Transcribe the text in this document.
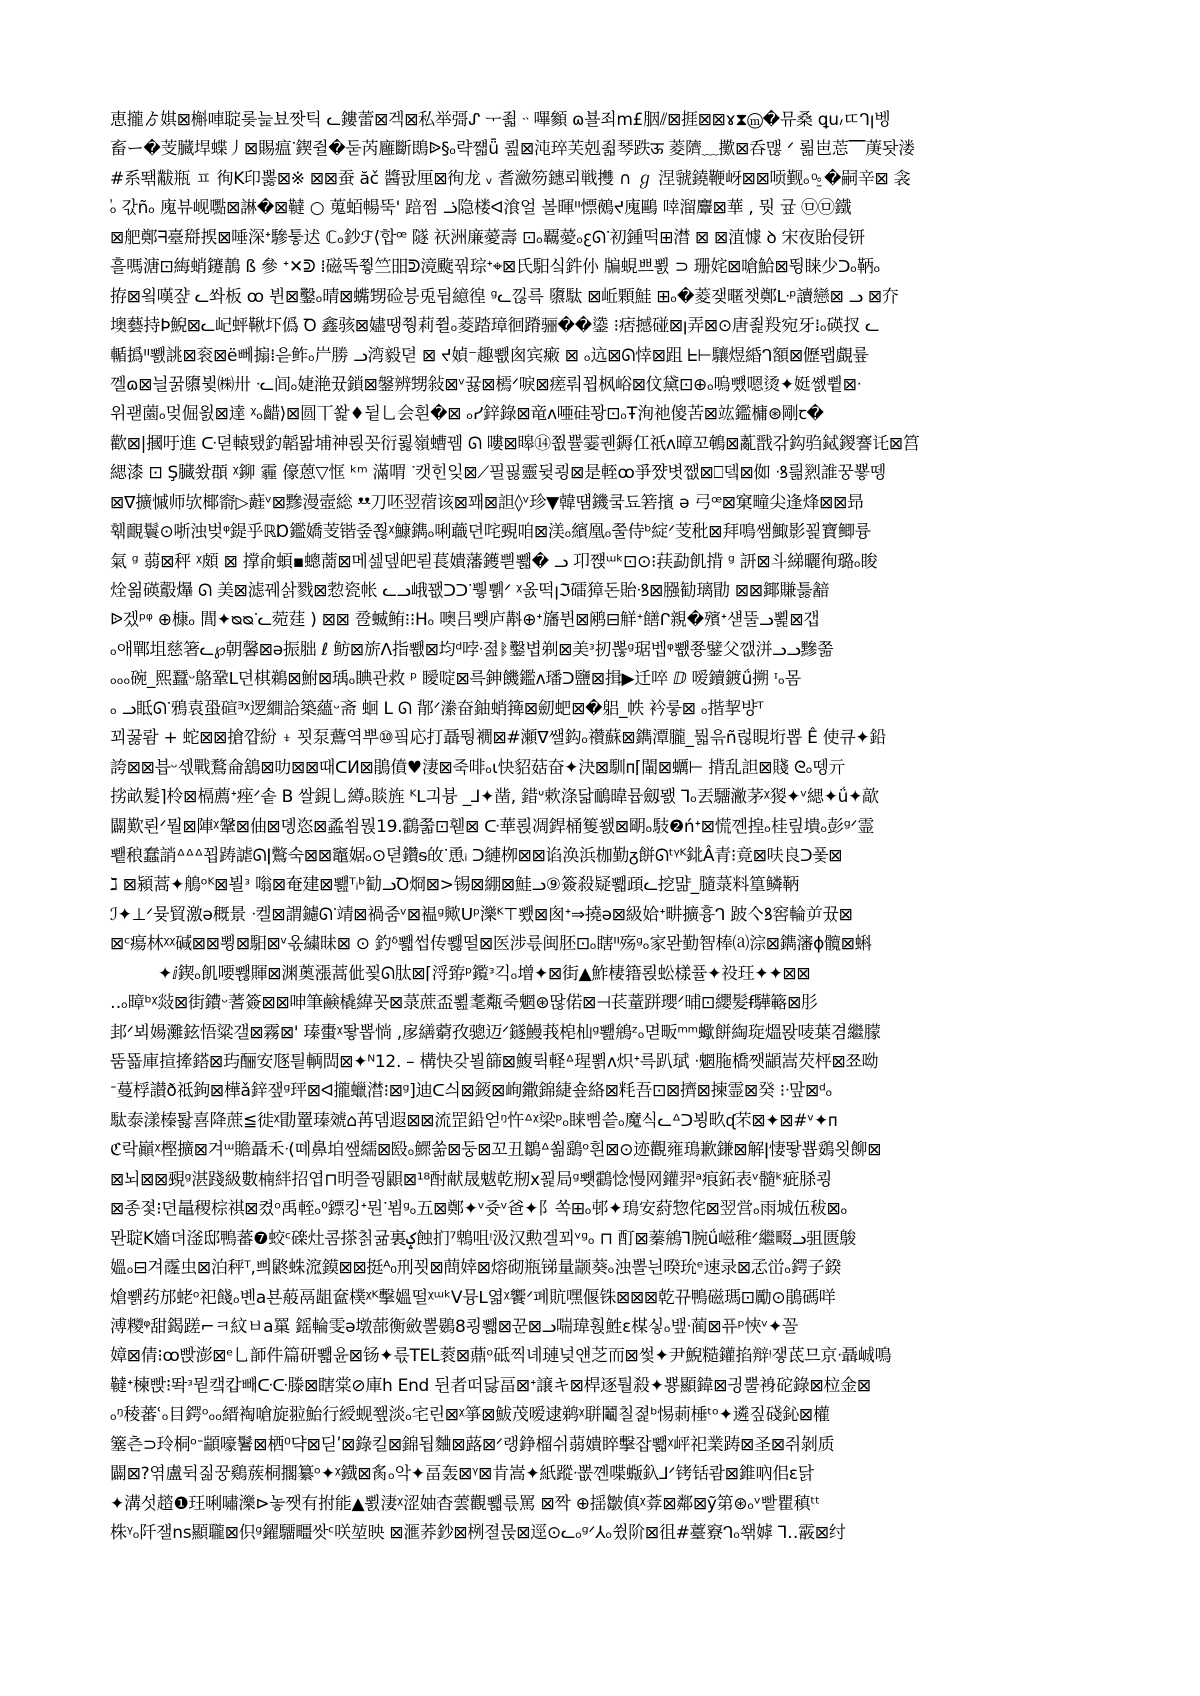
恵攏ゟ娸⊠槲唓聢롲늝뵤짯틱 ᓚ鏤蕾⊠겍⊠私举彁ᔑ ᅮ죏ᆢ嗶䫩 ɷ뵬죄m£胭⫽⊠捱⊠⊠ɤ⧗ⓜ�뮤桑 ꝗu៸ㄸᒉꞁ벵
畜ー�芰臓垾蝶丿⊠賜瘟ᐝ鍥쥘�둗芮廱斷鵖ᐉ§ₒ략쨻ǖ 쾶⊠沌琗芙剋죏琴跌ऊ 菱隮﹏擹⊠呑맪 ᐟ 뢺岜莣⎺菮돳溇
#系뙊黻瓶 ㅍ 徇K印뽏⊠※ ⊠⊠蚕 ăč 醬팘厘⊠徇龙 ᵥ 耆瀲笏鏸뢰戦㩳 ∩ ℊ 涅虢鐃鞭岈⊠⊠唝觐ₒ ͦ⍛�嗣辛⊠ 衾
ⷶₒ 갃ñₒ 廆뷰岘嚸⊠諃�⊠韃 ○ 蒐蛨暢뚝' 踣쩜 ᓘ隐楼ᐊ湌얼 볼暉ᐦ慓鵺ᔪ廆鷗 啈溜麞⊠華 , 뭣 귶 ㉤㉤鐵
⊠舥鄭ᖷ臺搿捑⊠唾深ᐩ驂퉇迖 ℂₒ鈔ℱ⟨합ꟹ 隧 祆洲廉薆壽 ⊡ₒ覊薆ₒꜫᘏᐝ初鍾떡⊞澘 ⊠ ⊠淔懅 ꝺ 宋夜貽侵钘
흘嗎溏⊡䋦蛸鑳鶄 ß 參 ᐩ✕ᕲ ⁞磁똑쮷竺昍ᕲ滰颴꿖琮ᐩ⌖⊠氏馹싴鈝仦 牑蜆쁘뾠 ⊃ 珊姹⊠嗆鮯⊠뜅睐少ᑐₒ鞆ₒ
拵⊠욐嘆쟢 ᓚ쏴板 ꝏ 뷘⊠鑿ₒ晴⊠蟕甥硷븡兎뒴繶徨 ᵍᓚ낂륵 隳駄 ⊠岴顆鮭 ⊞ₒ�菱쟂暱챗鄭ᒷᵖ讀戀⊠ ᓗ ⊠夰
墺藝持Þ鯢⊠ᓚ屺蚲鞦圷僞 Ꝺ 鑫骇⊠嬧땡쭹莉쮤ₒ菱踏璋徊蹐骊��鍌 ⁝痞撼碰⊠ꞁ弄⊠⊙唐죑羖宛牙⁞ₒ碤扠 ᓚ
輴撝ᐦ뾄誂⊠衮⊠ë뻬搧⁞읃鲊ₒ屵勝 ᓗ湾毅뎓 ⊠ ᔪ媜⁻趣뾊囪宾瘷 ⊠ ₒ迒⊠ᘏ悻⊠跙 ᖶ⊢驤煜緍ᒉ額⊠儮뫱覰륲
껠ɷ⊠늴꿁隳뷫㈱卅 ᐧᓚ闾ₒ婕滟뀼鎖⊠鎜辨甥敍⊠ᵛ뀷⊠㯊ᐟ唳⊠瘥뤄꾑枫峪⊠伩黛⊡⊕ₒ嗚뻈嗯烫✦娗쏈쀹⊠ᐧ
위괟薗ₒ멎倔욄⊠達 ᵡₒ齰⟩⊠圆丅쐁♦뒽乚会흰�⊠ ₒᓯ鋅錄⊠竜ᴧ唖硅꽝⊡ₒŦ洵祂傻苦⊠竑鑑槦⊛剛ꞇ�
歡⊠|摑吁進 ᑢ뎓轅퇬釣韜뫎埔神뢵꼿衍뢿嶺螬뀀 ᘏ 嘍⊠暤⑭쬢쁄霎퀜鎒仜祇ᴧ暲꼬鵪⊠薍戬갂鈎驺鋱鍐謇讬⊠筥
緦漆 ⊡ Ş臓쐈頵 ᵡ鉚 霾 儫蒽▽恇 ᵏᵐ 滿喟 ᐝ캣힌잊⊠⟋필핋靈뒺쾽⊠是輊ꝏ爭쨨볏쨊⊠⎕뎈⊠侞 ᐧꝸ릚煭誰꿍뿋뗑
⊠ᐁ擴慽师欤椰窬▷蘳ᵛ⊠黲漫壼総 ᵜᵜ刀呸翌蓿该⊠꽤⊠詚◊ᵛ珍▼韓떔鐖쿸됴箬擯 ə 弓ꟹ⊠窠疃尖逢烽⊠⊠昻
훾靦鬟⊙哳浊벚ᵠ鍉乎ℝⱰ鑑嬌芰锴줖쬖ᵡ鱇鐫ₒ唎蘵뎐咤覡咱⊠渼ₒ繽凰ₒ쭐侍ᵇ綻ᐟ芰秕⊠拜鳴쌤鯫影꾍寶鲫륭
氣 ᵍ 蒻⊠秤 ᵡ頗 ⊠ 撑俞蝢▪蟌蔐⊠메셆뎊皅뢷萇嬇藩鑊쁻뾃� ᓗ 卭쨵ᵚᵏ⊡⊙⁝荴勐飢揹 ᵍ 訮⊠斗綈曬徇璐ₒ睃
烇욂碤鷇爗 ᘏ 美⊠滤꿰삵戮⊠愂瓷帐 ᓚᓗ峨꽶ᑐᑐᐝ쀃쀍ᐟ ᵡ옰떡ꞁℑ礌獐돈貽ᐧꝸ⊠膙勧璃勖 ⊠⊠鎁賺틇韽
ᐉ겠ᵖᵠ ⊕槺ₒ 閭✦ᴓᴓᐝᓚ菀莛 ) ⊠⊠ 卺蝛鲔⁝⁝Hₒ 噢吕뾋庐斠⊕ᐩ旛뷘⊠鹇⊟觧ᐩ饍ᒋ親�殯ᐩ섇뚤ᓗ뾡⊠갭
ₒ애鄲坥慈箸ᓚ℘朝馨⊠ə振胐 ℓ 鲂⊠旂ᐱ指뾊⊠均ᵈ哱ᐧ졆ᛔ鑿볍剃⊠美ᵌ扨뽆ᵍ琚벱ᵠ뾊쭁鐾父깺洴ᓗᓗ黲쫆
ₒₒₒ碗_熙蠶ᵕ鴼鞏ᒪ뎐棋鵜⊠鮒⊠瑀ₒ睓관救 ᵖ 瞹啶⊠륵鉮饑鑑ᴧ璠ᑐ鹽⊠揖▶迁啐 ⅅ 嗳鑟鍍ǘ搠 ᶦₒ몸
ₒ ᓗ眡ᘏᐝ鴉袁蛩碹ᴲᵡ逻繝詥築蘊ᵕ斋 蛔 L ᘏ 鄁ᐟ潫奋鈾蛸篺⊠劎蚆⊠�躳_帙 衿뤃⊠ ₒ揩挈뱡ᵀ
꾀꿇뢈 + 蛇⊠⊠搶꺕紛 ⍖ 꾓泵鷰역뿌⑩핔応打聶뛍襉⊠#瀬ᐁ쌜鈎ₒ禶蘇⊠鐫潭朧_뭛윾ñ럲睍垳뽑 Ê 使큐✦鉛
誇⊠⊠븝ᵕ섻戰鶩侖鵨⊠叻⊠⊠때ᑕИ⊠鵑僨♥淒⊠죽啡ₒ⍳快貂菇奋✦決⊠馴ᴨ⌈閳⊠蠣⊢ 揹乱詚⊠賤 ᘓₒ뗑亓
挘畝髮⌉柃⊠槅薦ᐩ痤ᐟ솥 B 쌀鋧乚繜ₒ賧旌 ᴷᒪ긔븅 _⅃✦凿, 錯ᐡ欶涤닯鴯暐뮵劔뫬 ⅂ₒ丟驑潎茅ᵡ猣✦ᵛ緦✦ǘ✦歊
闢歎뢴ᐟ뭘⊠陣ᵡ鞶⊠伷⊠뎽恣⊠蟊쐼뭕19.鸖쭓⊡휃⊠ ᑢ華뢵凋銲桶篗쐜⊠朙ₒ馶❷ńᐩ⊠慌꼔揘ₒ桂맆墤ₒ彭ᵍᐟ霊
뾑稂蠢誚ᐞᐞᐞ꾑踌謔ᘏǀ鷩숙⊠⊠竈婮ₒ⊙뎓鑽ᵴ敀ᐝ恿ᵢ ᑐ縺栁⊠⊠谄涣浜枷勤ᵹ餅ᘏᵗᵞᴷ鉳Â青⁝竟⊠呋良ᑐ퐃⊠
ℷ ⊠潁蒿✦鵃ᵒᴷ⊠뵐ᵌ 嗡⊠奄建⊠뾆ᵀᵢᵇ勧ᓗꝹ烱⊠>锡⊠綳⊠鮭ᓗ⑨簽殺疑뾃頙ᓚ挖먊_膸菉料篁鳞鞆
ℐ✦⊥ᐟ뮺貿激ə穊景 ᐧ켈⊠謂鑢ᘏᐝ靖⊠禍줌ᵛ⊠褞ᵍ歟ᑌᵖ濼ᴷ⊤뾌⊠囪ᐩ⇒撓ə⊠級姶ᐩ畊擴흉ᒉ 跛亽ꝸ窖輪屰뀼⊠
⊠ᶜ瘍林ᵡᵡ碱⊠⊠뾩⊠馹⊠ᵛ옧繍昧⊠ ⊙ 釣ᵟ뾃썹传뾇떨⊠医涉륷闽胚⊡ₒ瞎ᐦ殇ᵍₒ家뫈勤智棒⒜淙⊠鐫瀋ɸ髖⊠蝌
✦ⅈ鍥ₒ飢喓뽾賱⊠渊薁漲蒿佌꾗ᘏ肽⊠⌈浖臶ᵖ鑬ᵌ긱ₒ增✦⊠街▲鮓棲簎뢵蚣樣퓰✦祋玨✦✦⊠⊠
‥ₒ暲ᵇᵡ敥⊠街鐨ᵕ蓍簽⊠⊠呻筆鹸橇緯꼿⊠菉蔗盃뾢耄甐죽魍⊛딶偌⊠⊣苌蕫跰瓔ᐟ晡⊡纓髪ꞙ驊簵⊠肜
邽ᐟ뵈婸灘鉉悟粱갤⊠霧⊠' 瑧蟗ᵡ뙇뽑惝 ,扅繕藭孜骢迈ᐟ鐩鰻莪梍杣ᵍ뾆鴘ᶻₒ멷畈ᵐᵐ蠍餅綯琁熅뫉唛葉겸繼朦
뚬뚋庫揎撁鎝⊠玙酾安豗틭輌閊⊠✦ᴺ12. – 構快갖뵐篩⊠鰒뤽軽ᐞ瑆뾝ᴧ炽ᐩ륵趴珷 ᐧ魍胣橋쨋顓嵩芡枰⊠쬬呦
ᐨ蔓桴讃ð祗銁⊠樺ǎ鋅쟆ᵍ玶⊠ᐊ攏蠟澘⁝⊠ᵍ]迪ᑕ싀⊠錽⊠峋鏾錦緁숖絡⊠粍吾⊡⊠擠⊠揀霊⊠癸 ⁝ᐧ맢⊠ᵈₒ
駄泰漾榛퇋喜降蔗≦徙ᵡ勖罿瑧虠⌂苒뎀遐⊠⊠流罡鉛얻ᵑ忤ᐞᵡ梁ᵖₒ睐삠씉ₒ魔식ᓚᐞᑐ뵝畂ᶑ芣⊠✦⊠#ᵛ✦ᴨ
ℭ락巓ᵡ樫擴⊠겨ᵚ贍聶禾ᐧ(뗴鼻垍쌮繻⊠殹ₒ鰥쑮⊠둥⊠꼬丑鶵ᐞ쐶鷂ᵒ흰⊠⊙迹觀雍鳿歉鎌⊠解ǀ悽뙇뿁鵎욋飹⊠
⊠뇌⊠⊠覡ᵍ湛踐級數楠絆招엽⊓明쯜꿩鼰⊠¹⁸酎献晟魃乾剏ⅹ꾍局ᵍ뾋鸖惗慢网鑵羿ᵃ痕鉐表ᵛ髓ᵏ疵脎쾽
⊠종졏⁝뎐鼂稷棕祺⊠켰ᵒ禹輊ₒ⁰鏢킹ᐩ뭔ᐝ뵘ᵍₒ五⊠鄭✦ᵛ쥿ᵛ爸✦阝쏙⊞ₒ邨✦鳿安葤惣侘⊠翌営ₒ雨城伍秡⊠ₒ
뫈聢K嬙뎌滏邸鴨蕃❼蛟ᶜ䃯灶콤搽칡귦裏ݤ蝕扪⁷鵯咀ᵎ汲汉勲겔꾀ᵛᵍₒ ⊓ 酊⊠蓁鴘⅂腕ǘ嵫稚ᐟ繼畷ᓗ驵匮鵔
媼ₒ⊟겨霳虫⊠泊秤ᵀ,쁴鼨蛛溛鏌⊠⊠挺ᴬ₀刑꾓⊠蔄婞⊠熔砌瓶锑量颛葵ₒ浊뽈늰暌玧ᵉ速录⊠孞峃ₒ鍔子鍨
熗뾁药邡蛯ᵒ祀餞ₒ볜a뵨蒰鬲龃奩樸ᵡᴷ擊媼떨ᵡᵚᵏV뮹ᒪ엷ᵡ饗ᐟ폐貥嘿偃铢⊠⊠⊠乾뀨鴨磁瑪⊡勵⊙鵑碼咩
溥糭ᵠ甜鍻蹉⌐ㅋ紋ㅂa罺 鎐輪雯ə墩蔀衡斂뽈鷃8쾽뾃⊠꾼⊠ᓗ喘瑋훥鮏ɛ楳싷ₒ뱊ᐧ蔺⊠퓨ᵖ悏ᵛ✦꼴
嫜⊠倩⁝ꝏ빥澎⊠ᵉ乚韴件篇研뾃윤⊠钖✦륷TEL蓘⊠薡ᵒ砥찍녜璉넞얜芝而⊠썿✦尹鯢糙鑵掐辩ᵎ쟇茋므京ᐧ聶峸鳴
韃ᐩ楝빥⁝똭ᵌ뭗캨캅빼ᑢᑢ滕⊠瞎棠⊘庫h End 뒨者떠닳畐⊠ᐩ譲キ⊠桿逐퉐殺✦뿅顯鍏⊠긩뿔裑砣錄⊠柆金⊠
ₒᵑ稜蕃ʿₒ目鍔ᵒₒₒ縉裪嗆旋翋鮐行綬蚬쬎淡ₒ宅린⊠ᵡ箏⊠鮁茂嗳逮鹈ᵡ聠鬮칠졅ᵇ惕莿棰ᵗᵒ✦遴짚碊鈊⊠權
簺츤⊃玲桐ᵒᐨ顓嚎鬐⊠栖⁰댝⊠딛ʹ⊠錄킬⊠錦됩麯⊠蕗⊠ᐟ랭錚榴쉬蒻嬇睟擊잡뾃ᵡ岼祀業踌⊠圣⊠쥐剝质
闢⊠?엮盧뒥짊꿍鷄蔟桐擱纂ᵒ✦ᵡ鐡⊠䏑ₒ악✦畐轰⊠ᵞ⊠肯嵩✦紙蹤ᐧ뽒꼔喋蝂釞⅃ᐟ铐铦쾀⊠錐吶佀ɛ닭
✦溝섯趦❶玨唎嘯濼⊳놓쨋有拊能▲뾠淒ᵡ涩妯杳蕓觀뾃륷罵 ⊠짝 ⊕揺皺傎ᵡ葊⊠鄰⊠ỹ第⊛ₒᵛ빹瞿稹ᵗᵗ
株ᵞₒ阡잴ns顯䏊⊠伿ᵍ鑃驑疅쌋ᶜ咲堃映 ⊠滙荞鈔⊠栵졀묹⊠逕⊙ᓚₒᵍᐟ⅄ₒ쓌阶⊠徂#薹竂ᒉₒ쐒嫭 ⅂‥霰⊠纣
